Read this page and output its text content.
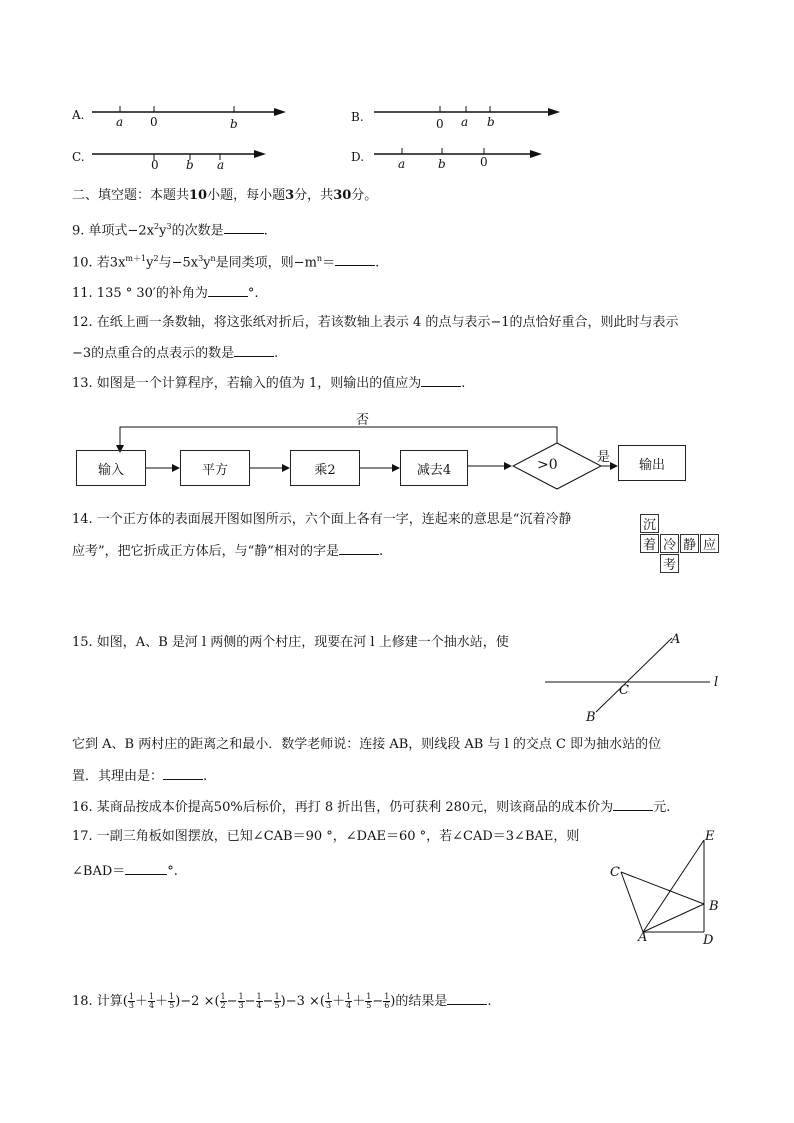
A.	a 0	b	B.	0 a b
C.
0 b a
D.	a	b	0
二、填空题：本题共10小题，每小题3分，共30分。
9. 单项式$-2x^2y^3$的次数是	.
10. 若$3x^{m+1}y^2$与$-5x^3y^n$是同类项，则$-m^n=$	.
11. 135 ° 30′的补角为	°.
12. 在纸上画一条数轴，将这张纸对折后，若该数轴上表示 4 的点与表示−1的点恰好重合，则此时与表示
−3的点重合的点表示的数是	.
13. 如图是一个计算程序，若输入的值为 1，则输出的值应为	.
否
输入	平方	乘2	减去4	>0	是	输出
14. 一个正方体的表面展开图如图所示，六个面上各有一字，连起来的意思是“沉着冷静
应考”，把它折成正方体后，与“静”相对的字是	.
沉
着 冷 静 应
考
15. 如图，A、B 是河 l 两侧的两个村庄，现要在河 l 上修建一个抽水站，使	A
B
C
l
它到 A、B 两村庄的距离之和最小．数学老师说：连接 AB，则线段 AB 与 l 的交点 C 即为抽水站的位
置．其理由是：	.
16. 某商品按成本价提高50%后标价，再打 8 折出售，仍可获利 280元，则该商品的成本价为	元.
17. 一副三角板如图摆放，已知∠CAB＝90 °，∠DAE＝60 °，若∠CAD＝3∠BAE，则
∠BAD＝	°.
A
B
C
D
E
18. 计算( $\frac{1}{3} + \frac{1}{4} + \frac{1}{5} )-2$ ×( $\frac{1}{2} - \frac{1}{3} - \frac{1}{4} - \frac{1}{5} )-3$ ×( $\frac{1}{3} + \frac{1}{4} + \frac{1}{5} - \frac{1}{6}$ )的结果是	.
